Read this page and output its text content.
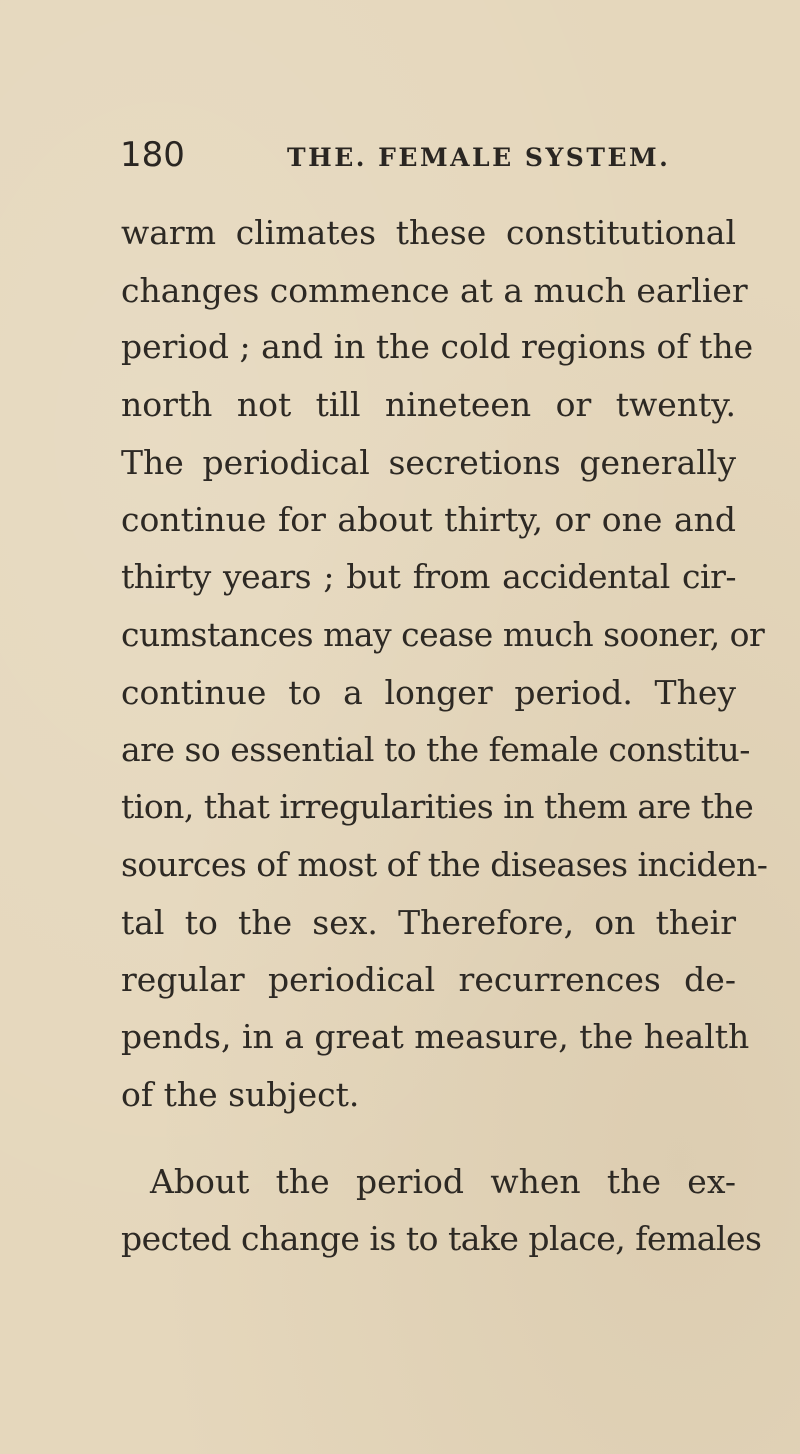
180	THE. FEMALE SYSTEM.
warm climates these constitutional
changes commence at a much earlier
period ; and in the cold regions of the
north not till nineteen or twenty.
The periodical secretions generally
continue for about thirty, or one and
thirty years ; but from accidental cir-
cumstances may cease much sooner, or
continue to a longer period. They
are so essential to the female constitu-
tion, that irregularities in them are the
sources of most of the diseases inciden-
tal to the sex. Therefore, on their
regular periodical recurrences de-
pends, in a great measure, the health
of the subject.
About the period when the ex-
pected change is to take place, females
